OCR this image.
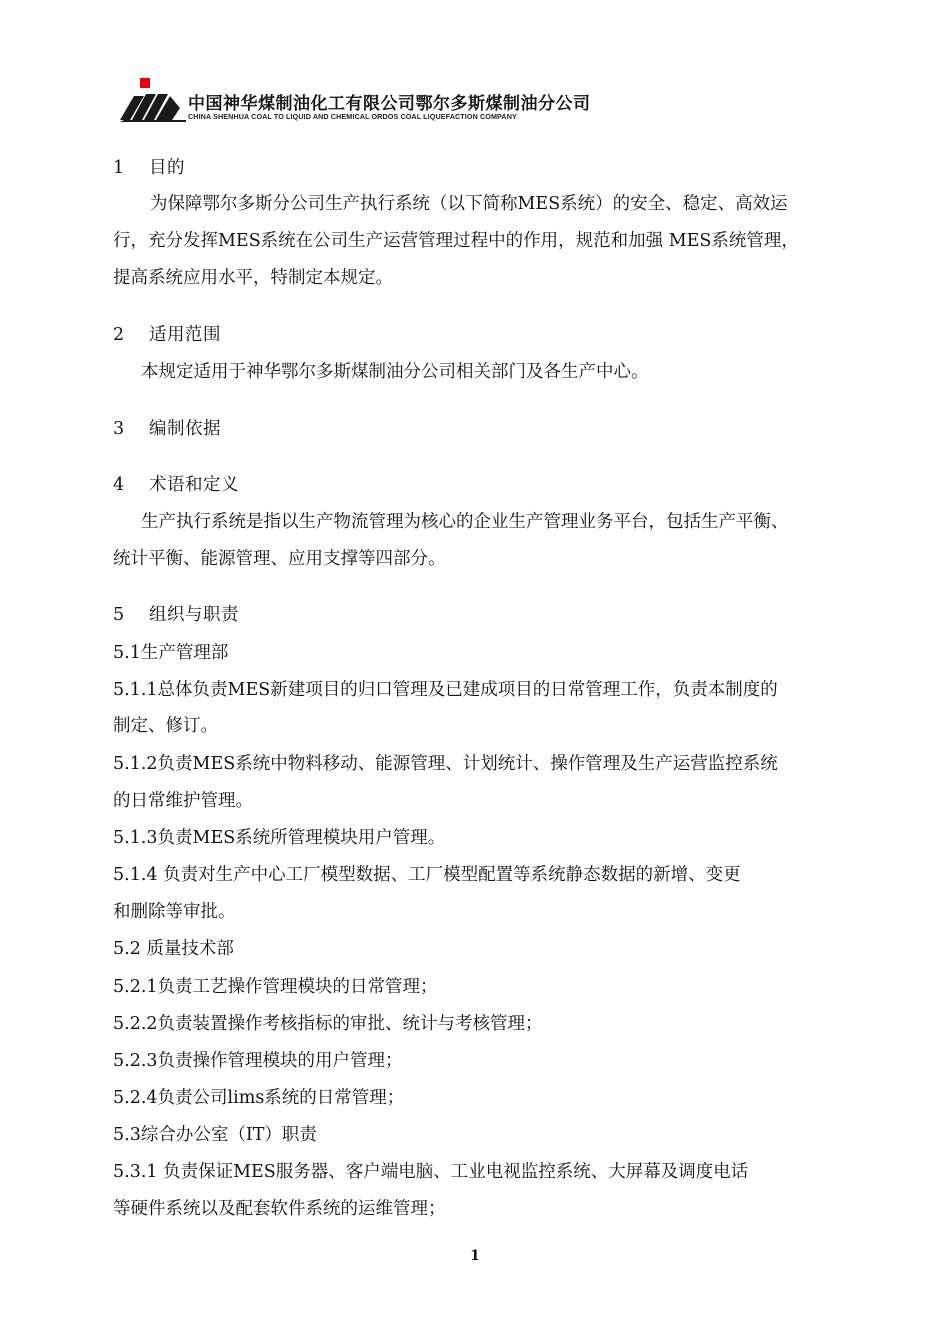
中国神华煤制油化工有限公司鄂尔多斯煤制油分公司
CHINA SHENHUA COAL TO LIQUID AND CHEMICAL ORDOS COAL LIQUEFACTION COMPANY
1 目的
为保障鄂尔多斯分公司生产执行系统（以下简称MES系统）的安全、稳定、高效运
行，充分发挥MES系统在公司生产运营管理过程中的作用，规范和加强 MES系统管理，
提高系统应用水平，特制定本规定。
2 适用范围
本规定适用于神华鄂尔多斯煤制油分公司相关部门及各生产中心。
3 编制依据
4 术语和定义
生产执行系统是指以生产物流管理为核心的企业生产管理业务平台，包括生产平衡、
统计平衡、能源管理、应用支撑等四部分。
5 组织与职责
5.1生产管理部
5.1.1总体负责MES新建项目的归口管理及已建成项目的日常管理工作，负责本制度的
制定、修订。
5.1.2负责MES系统中物料移动、能源管理、计划统计、操作管理及生产运营监控系统
的日常维护管理。
5.1.3负责MES系统所管理模块用户管理。
5.1.4 负责对生产中心工厂模型数据、工厂模型配置等系统静态数据的新增、变更
和删除等审批。
5.2 质量技术部
5.2.1负责工艺操作管理模块的日常管理；
5.2.2负责装置操作考核指标的审批、统计与考核管理；
5.2.3负责操作管理模块的用户管理；
5.2.4负责公司lims系统的日常管理；
5.3综合办公室（IT）职责
5.3.1 负责保证MES服务器、客户端电脑、工业电视监控系统、大屏幕及调度电话
等硬件系统以及配套软件系统的运维管理；
1
